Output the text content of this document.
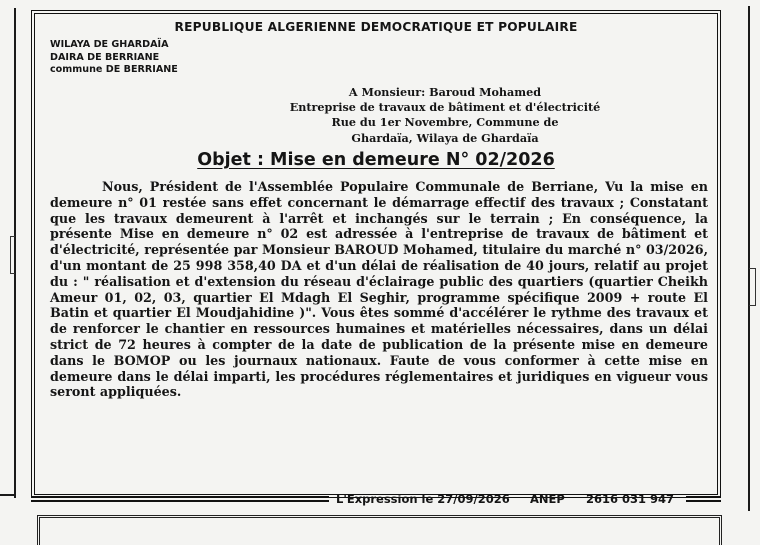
REPUBLIQUE ALGERIENNE DEMOCRATIQUE ET POPULAIRE
WILAYA DE GHARDAÏA
DAIRA DE BERRIANE
commune DE BERRIANE
A Monsieur: Baroud Mohamed
Entreprise de travaux de bâtiment et d'électricité
Rue du 1er Novembre, Commune de
Ghardaïa, Wilaya de Ghardaïa
Objet : Mise en demeure N° 02/2026
Nous, Président de l'Assemblée Populaire Communale de Berriane, Vu la mise en demeure n° 01 restée sans effet concernant le démarrage effectif des travaux ; Constatant que les travaux demeurent à l'arrêt et inchangés sur le terrain ; En conséquence, la présente Mise en demeure n° 02 est adressée à l'entreprise de travaux de bâtiment et d'électricité, représentée par Monsieur BAROUD Mohamed, titulaire du marché n° 03/2026, d'un montant de 25 998 358,40 DA et d'un délai de réalisation de 40 jours, relatif au projet du : " réalisation et d'extension du réseau d'éclairage public des quartiers (quartier Cheikh Ameur 01, 02, 03, quartier El Mdagh El Seghir, programme spécifique 2009 + route El Batin et quartier El Moudjahidine )". Vous êtes sommé d'accélérer le rythme des travaux et de renforcer le chantier en ressources humaines et matérielles nécessaires, dans un délai strict de 72 heures à compter de la date de publication de la présente mise en demeure dans le BOMOP ou les journaux nationaux. Faute de vous conformer à cette mise en demeure dans le délai imparti, les procédures réglementaires et juridiques en vigueur vous seront appliquées.
L'Expression le 27/09/2026 ANEP 2616 031 947
